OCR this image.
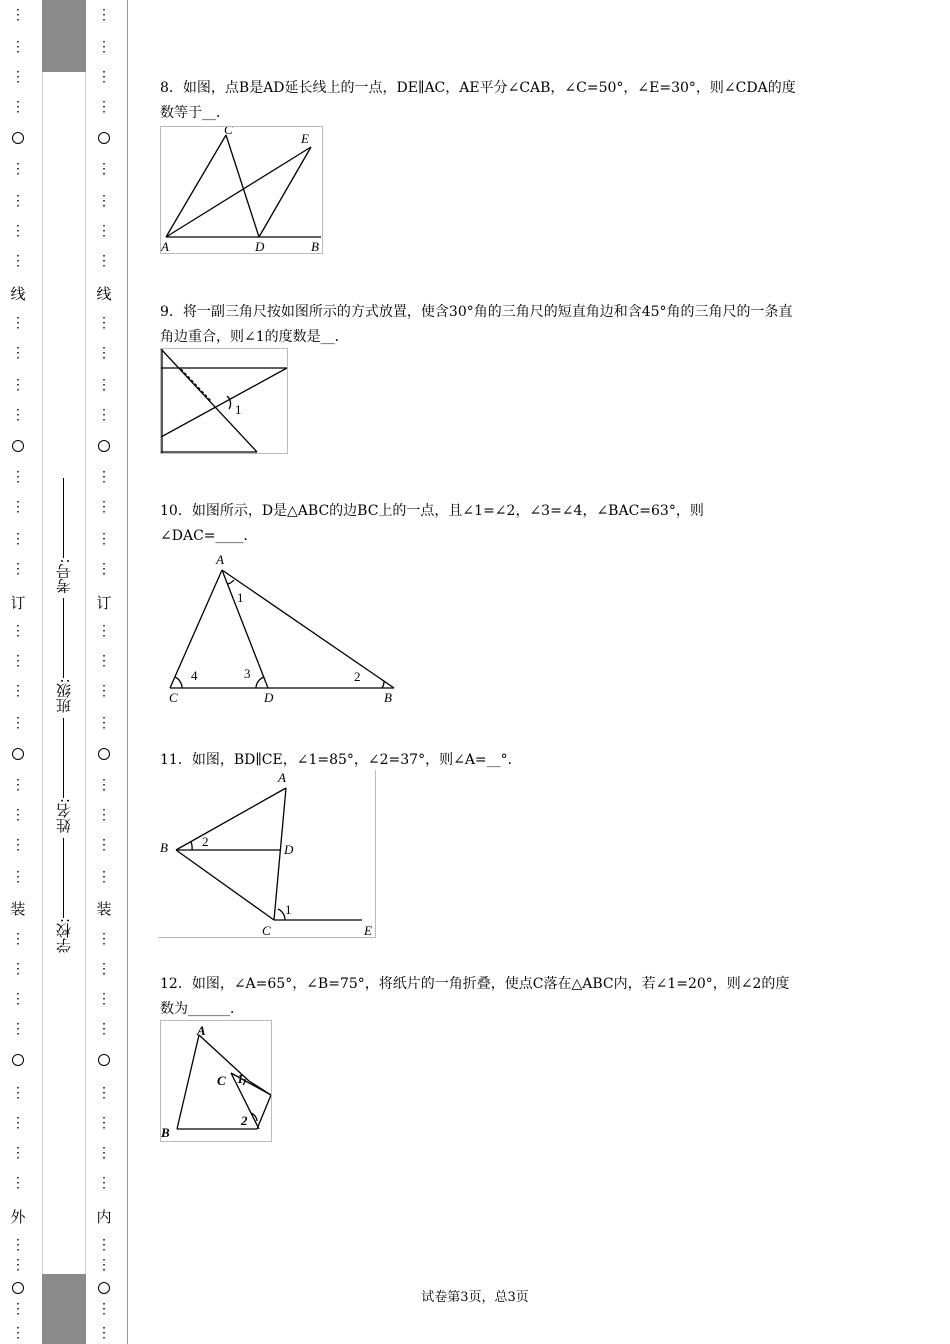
⋮
⋮
⋮
⋮
⋮
⋮
⋮
⋮
线
⋮
⋮
⋮
⋮
⋮
⋮
⋮
⋮
订
⋮
⋮
⋮
⋮
⋮
⋮
⋮
⋮
装
⋮
⋮
⋮
⋮
⋮
⋮
⋮
⋮
外
⋮
⋮
⋮
⋮
学校: 姓名: 班级: 考号:
⋮
⋮
⋮
⋮
⋮
⋮
⋮
⋮
线
⋮
⋮
⋮
⋮
⋮
⋮
⋮
⋮
订
⋮
⋮
⋮
⋮
⋮
⋮
⋮
⋮
装
⋮
⋮
⋮
⋮
⋮
⋮
⋮
⋮
内
⋮
⋮
⋮
⋮
8．如图，点B是AD延长线上的一点，DE∥AC，AE平分∠CAB，∠C=50°，∠E=30°，则∠CDA的度数等于__．
A
C
E
D	B
9．将一副三角尺按如图所示的方式放置，使含30°角的三角尺的短直角边和含45°角的三角尺的一条直角边重合，则∠1的度数是__．
1
10．如图所示，D是△ABC的边BC上的一点，且∠1=∠2，∠3=∠4，∠BAC=63°，则∠DAC=____．
A
1
4	3	2
C	D	B
11．如图，BD∥CE，∠1=85°，∠2=37°，则∠A=__°．
A
B	2
D
1
C	E
12．如图，∠A=65°，∠B=75°，将纸片的一角折叠，使点C落在△ABC内，若∠1=20°，则∠2的度数为______．
A
C 1
2
B
试卷第3页，总3页
